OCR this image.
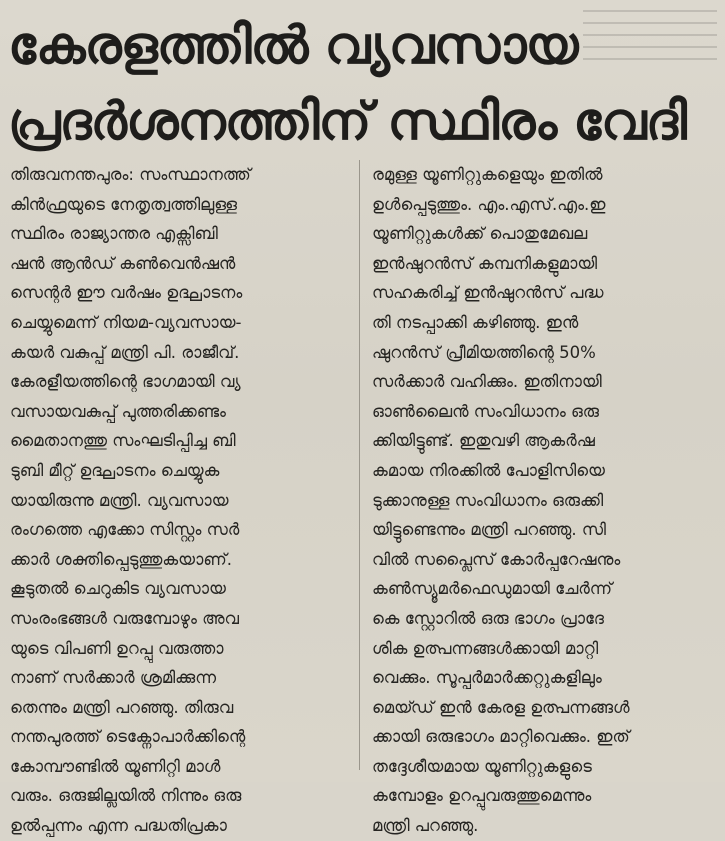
കേരളത്തിൽ വ്യവസായ
പ്രദർശനത്തിന് സ്ഥിരം വേദി
തിരുവനന്തപുരം: സംസ്ഥാനത്ത്
കിൻഫ്രയുടെ നേതൃത്വത്തിലുള്ള
സ്ഥിരം രാജ്യാന്തര എക്സിബി
ഷൻ ആൻഡ് കൺവെൻഷൻ
സെന്റർ ഈ വർഷം ഉദ്ഘാടനം
ചെയ്യുമെന്ന് നിയമ-വ്യവസായ-
കയർ വകുപ്പ് മന്ത്രി പി. രാജീവ്.
കേരളീയത്തിന്റെ ഭാഗമായി വ്യ
വസായവകുപ്പ് പുത്തരിക്കണ്ടം
മൈതാനത്തു സംഘടിപ്പിച്ച ബി
ടുബി മീറ്റ് ഉദ്ഘാടനം ചെയ്യുക
യായിരുന്നു മന്ത്രി. വ്യവസായ
രംഗത്തെ എക്കോ സിസ്റ്റം സർ
ക്കാർ ശക്തിപ്പെടുത്തുകയാണ്.
കൂടുതൽ ചെറുകിട വ്യവസായ
സംരംഭങ്ങൾ വരുമ്പോഴും അവ
യുടെ വിപണി ഉറപ്പു വരുത്താ
നാണ് സർക്കാർ ശ്രമിക്കുന്ന
തെന്നും മന്ത്രി പറഞ്ഞു. തിരുവ
നന്തപുരത്ത് ടെക്നോപാർക്കിന്റെ
കോമ്പൗണ്ടിൽ യൂണിറ്റി മാൾ
വരും. ഒരുജില്ലയിൽ നിന്നും ഒരു
ഉൽപ്പന്നം എന്ന പദ്ധതിപ്രകാ
രമുള്ള യൂണിറ്റുകളെയും ഇതിൽ
ഉൾപ്പെടുത്തും. എം.എസ്.എം.ഇ
യൂണിറ്റുകൾക്ക് പൊതുമേഖല
ഇൻഷുറൻസ് കമ്പനികളുമായി
സഹകരിച്ച് ഇൻഷുറൻസ് പദ്ധ
തി നടപ്പാക്കി കഴിഞ്ഞു. ഇൻ
ഷുറൻസ് പ്രീമിയത്തിന്റെ 50%
സർക്കാർ വഹിക്കും. ഇതിനായി
ഓൺലൈൻ സംവിധാനം ഒരു
ക്കിയിട്ടുണ്ട്. ഇതുവഴി ആകർഷ
കമായ നിരക്കിൽ പോളിസിയെ
ടുക്കാനുള്ള സംവിധാനം ഒരുക്കി
യിട്ടുണ്ടെന്നും മന്ത്രി പറഞ്ഞു. സി
വിൽ സപ്ലൈസ് കോർപ്പറേഷനും
കൺസ്യൂമർഫെഡുമായി ചേർന്ന്
കെ സ്റ്റോറിൽ ഒരു ഭാഗം പ്രാദേ
ശിക ഉത്പന്നങ്ങൾക്കായി മാറ്റി
വെക്കും. സൂപ്പർമാർക്കറ്റുകളിലും
മെയ്ഡ് ഇൻ കേരള ഉത്പന്നങ്ങൾ
ക്കായി ഒരുഭാഗം മാറ്റിവെക്കും. ഇത്
തദ്ദേശീയമായ യൂണിറ്റുകളുടെ
കമ്പോളം ഉറപ്പുവരുത്തുമെന്നും
മന്ത്രി പറഞ്ഞു.
